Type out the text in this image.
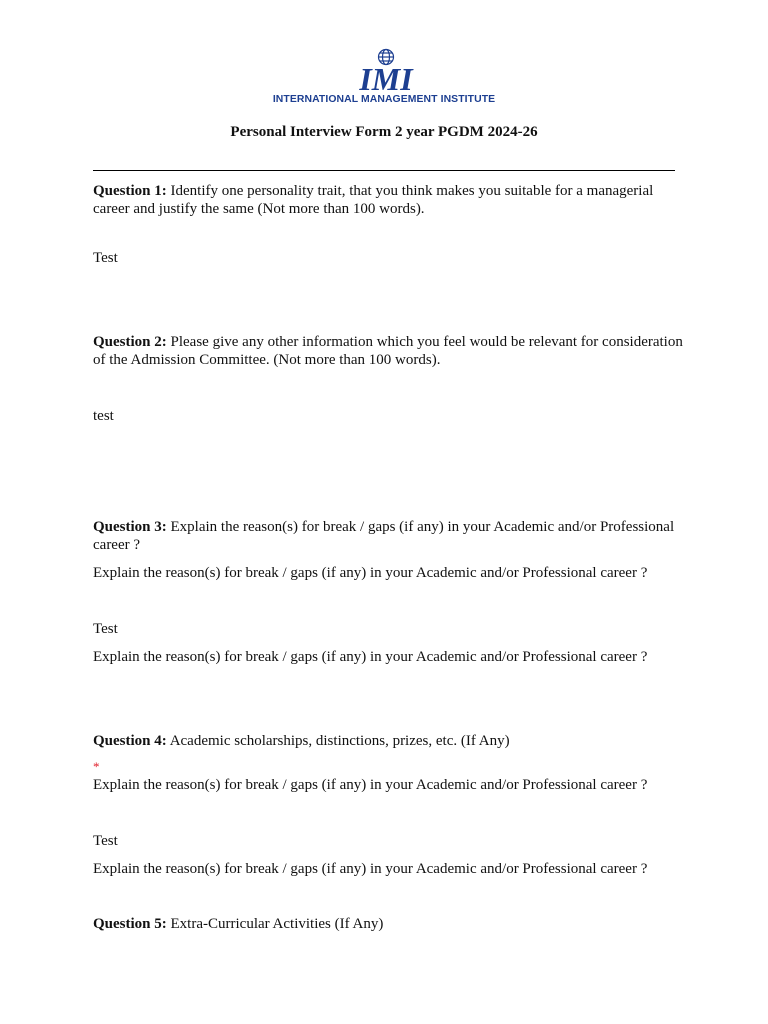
IMI
INTERNATIONAL MANAGEMENT INSTITUTE
Personal Interview Form 2 year PGDM 2024-26

Question 1: Identify one personality trait, that you think makes you suitable for a managerial career and justify the same (Not more than 100 words).

Test

Question 2: Please give any other information which you feel would be relevant for consideration of the Admission Committee. (Not more than 100 words).

test

Question 3: Explain the reason(s) for break / gaps (if any) in your Academic and/or Professional career ?

Explain the reason(s) for break / gaps (if any) in your Academic and/or Professional career ?

Test

Explain the reason(s) for break / gaps (if any) in your Academic and/or Professional career ?

Question 4: Academic scholarships, distinctions, prizes, etc. (If Any)

*

Explain the reason(s) for break / gaps (if any) in your Academic and/or Professional career ?

Test

Explain the reason(s) for break / gaps (if any) in your Academic and/or Professional career ?

Question 5: Extra-Curricular Activities (If Any)
